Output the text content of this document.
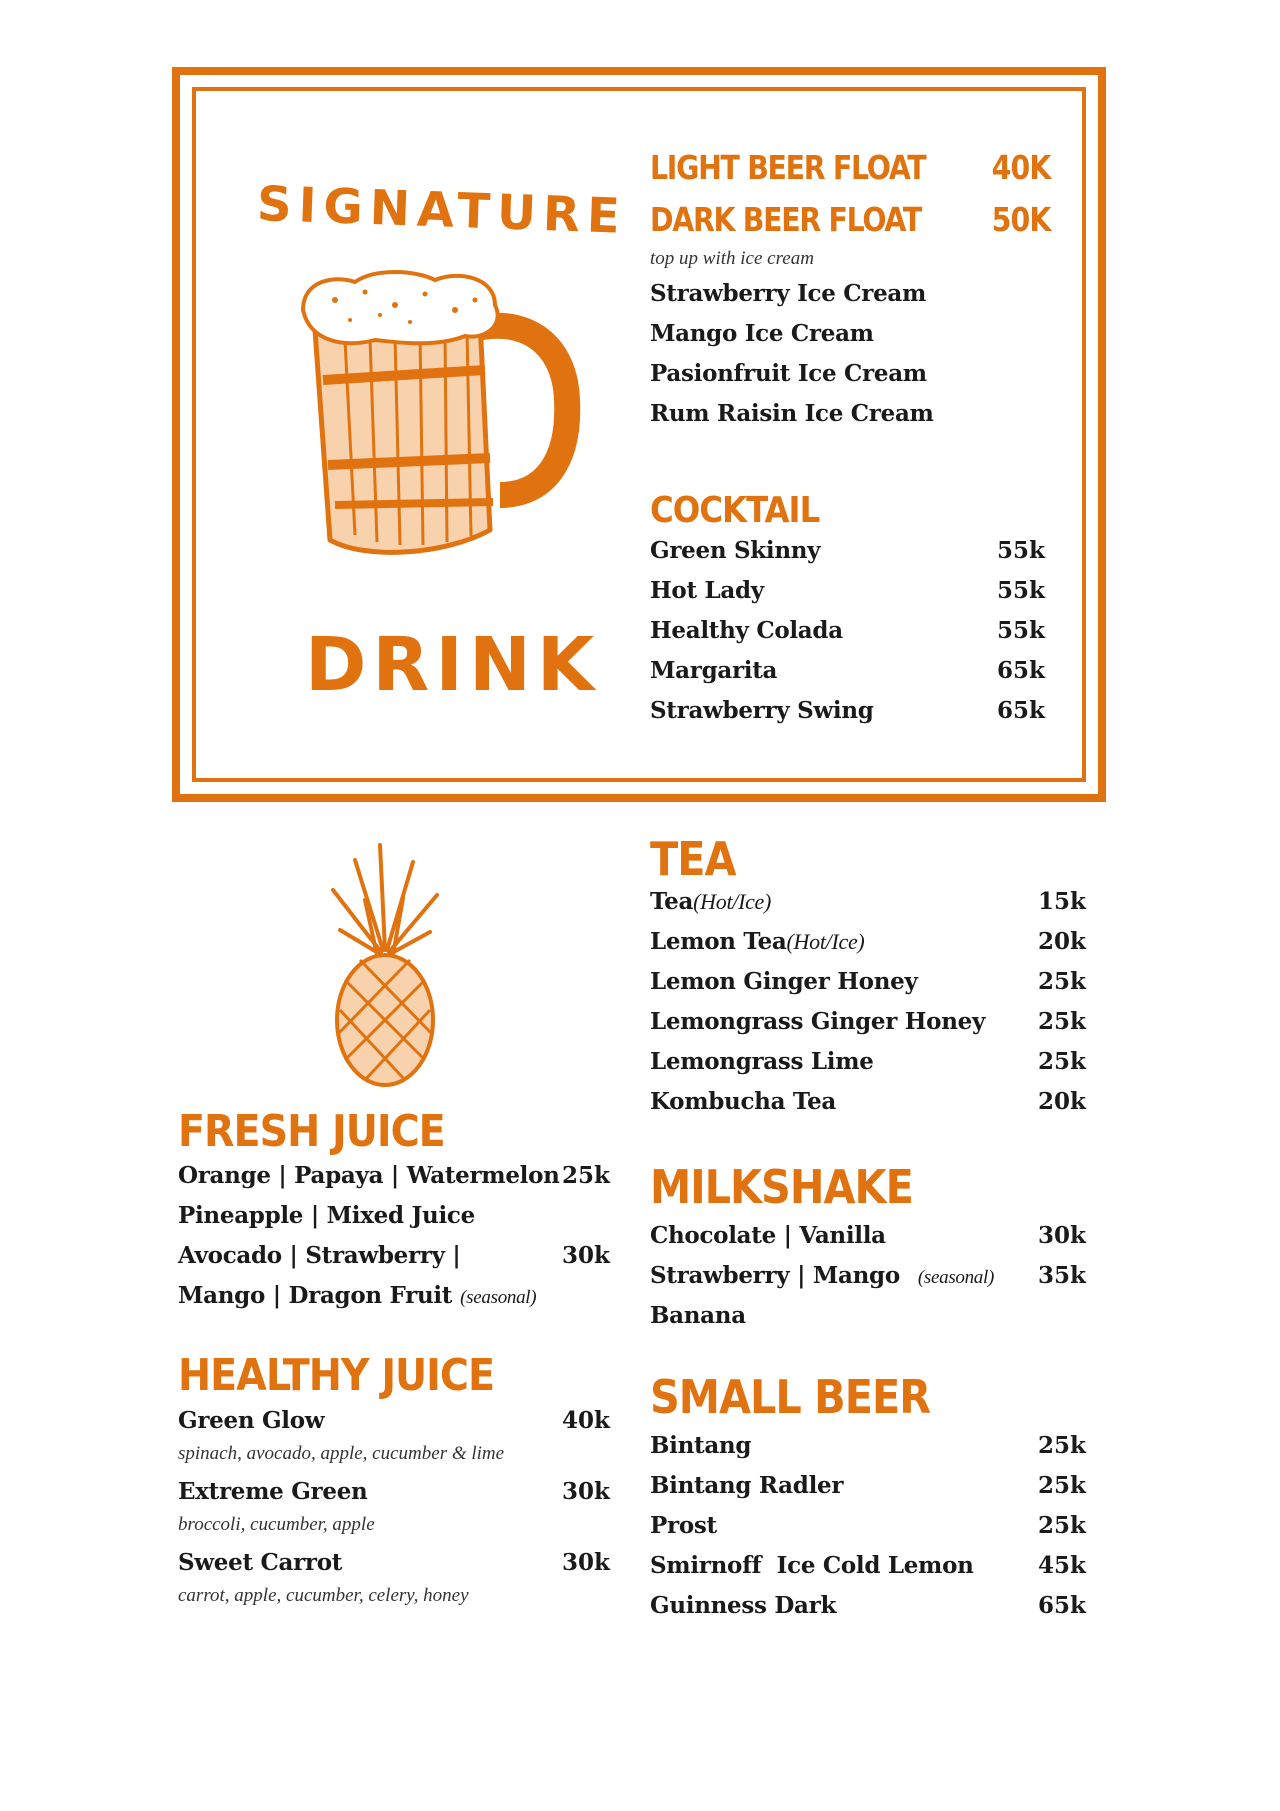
SIGNATURE
DRINK
LIGHT BEER FLOAT 40K
DARK BEER FLOAT 50K
top up with ice cream
Strawberry Ice Cream
Mango Ice Cream
Pasionfruit Ice Cream
Rum Raisin Ice Cream
COCKTAIL
Green Skinny	55k
Hot Lady	55k
Healthy Colada	55k
Margarita	65k
Strawberry Swing	65k
FRESH JUICE
Orange | Papaya | Watermelon 25k
Pineapple | Mixed Juice
Avocado | Strawberry |	30k
Mango | Dragon Fruit (seasonal)
HEALTHY JUICE
Green Glow	40k
spinach, avocado, apple, cucumber & lime
Extreme Green	30k
broccoli, cucumber, apple
Sweet Carrot	30k
carrot, apple, cucumber, celery, honey
TEA
Tea(Hot/Ice)	15k
Lemon Tea(Hot/Ice)	20k
Lemon Ginger Honey	25k
Lemongrass Ginger Honey 25k
Lemongrass Lime	25k
Kombucha Tea	20k
MILKSHAKE
Chocolate | Vanilla	30k
Strawberry | Mango (seasonal) 35k
Banana
SMALL BEER
Bintang	25k
Bintang Radler	25k
Prost	25k
Smirnoff  Ice Cold Lemon	45k
Guinness Dark	65k
